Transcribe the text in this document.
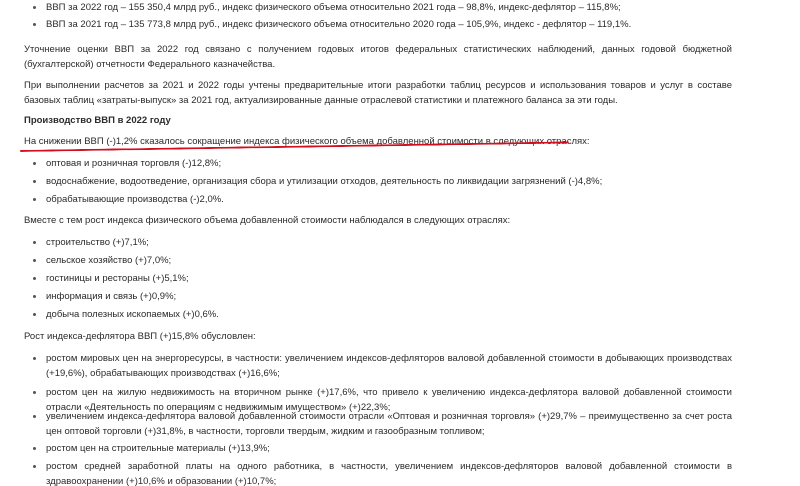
ВВП за 2022 год – 155 350,4 млрд руб., индекс физического объема относительно 2021 года – 98,8%, индекс-дефлятор – 115,8%;
ВВП за 2021 год – 135 773,8 млрд руб., индекс физического объема относительно 2020 года – 105,9%, индекс - дефлятор – 119,1%.
Уточнение оценки ВВП за 2022 год связано с получением годовых итогов федеральных статистических наблюдений, данных годовой бюджетной (бухгалтерской) отчетности Федерального казначейства.
При выполнении расчетов за 2021 и 2022 годы учтены предварительные итоги разработки таблиц ресурсов и использования товаров и услуг в составе базовых таблиц «затраты-выпуск» за 2021 год, актуализированные данные отраслевой статистики и платежного баланса за эти годы.
Производство ВВП в 2022 году
На снижении ВВП (-)1,2% сказалось сокращение индекса физического объема добавленной стоимости в следующих отраслях:
оптовая и розничная торговля (-)12,8%;
водоснабжение, водоотведение, организация сбора и утилизации отходов, деятельность по ликвидации загрязнений (-)4,8%;
обрабатывающие производства (-)2,0%.
Вместе с тем рост индекса физического объема добавленной стоимости наблюдался в следующих отраслях:
строительство (+)7,1%;
сельское хозяйство (+)7,0%;
гостиницы и рестораны (+)5,1%;
информация и связь (+)0,9%;
добыча полезных ископаемых (+)0,6%.
Рост индекса-дефлятора ВВП (+)15,8% обусловлен:
ростом мировых цен на энергоресурсы, в частности: увеличением индексов-дефляторов валовой добавленной стоимости в добывающих производствах (+19,6%), обрабатывающих производствах (+)16,6%;
ростом цен на жилую недвижимость на вторичном рынке (+)17,6%, что привело к увеличению индекса-дефлятора валовой добавленной стоимости отрасли «Деятельность по операциям с недвижимым имуществом» (+)22,3%;
увеличением индекса-дефлятора валовой добавленной стоимости отрасли «Оптовая и розничная торговля» (+)29,7% – преимущественно за счет роста цен оптовой торговли (+)31,8%, в частности, торговли твердым, жидким и газообразным топливом;
ростом цен на строительные материалы (+)13,9%;
ростом средней заработной платы на одного работника, в частности, увеличением индексов-дефляторов валовой добавленной стоимости в здравоохранении (+)10,6% и образовании (+)10,7%;
